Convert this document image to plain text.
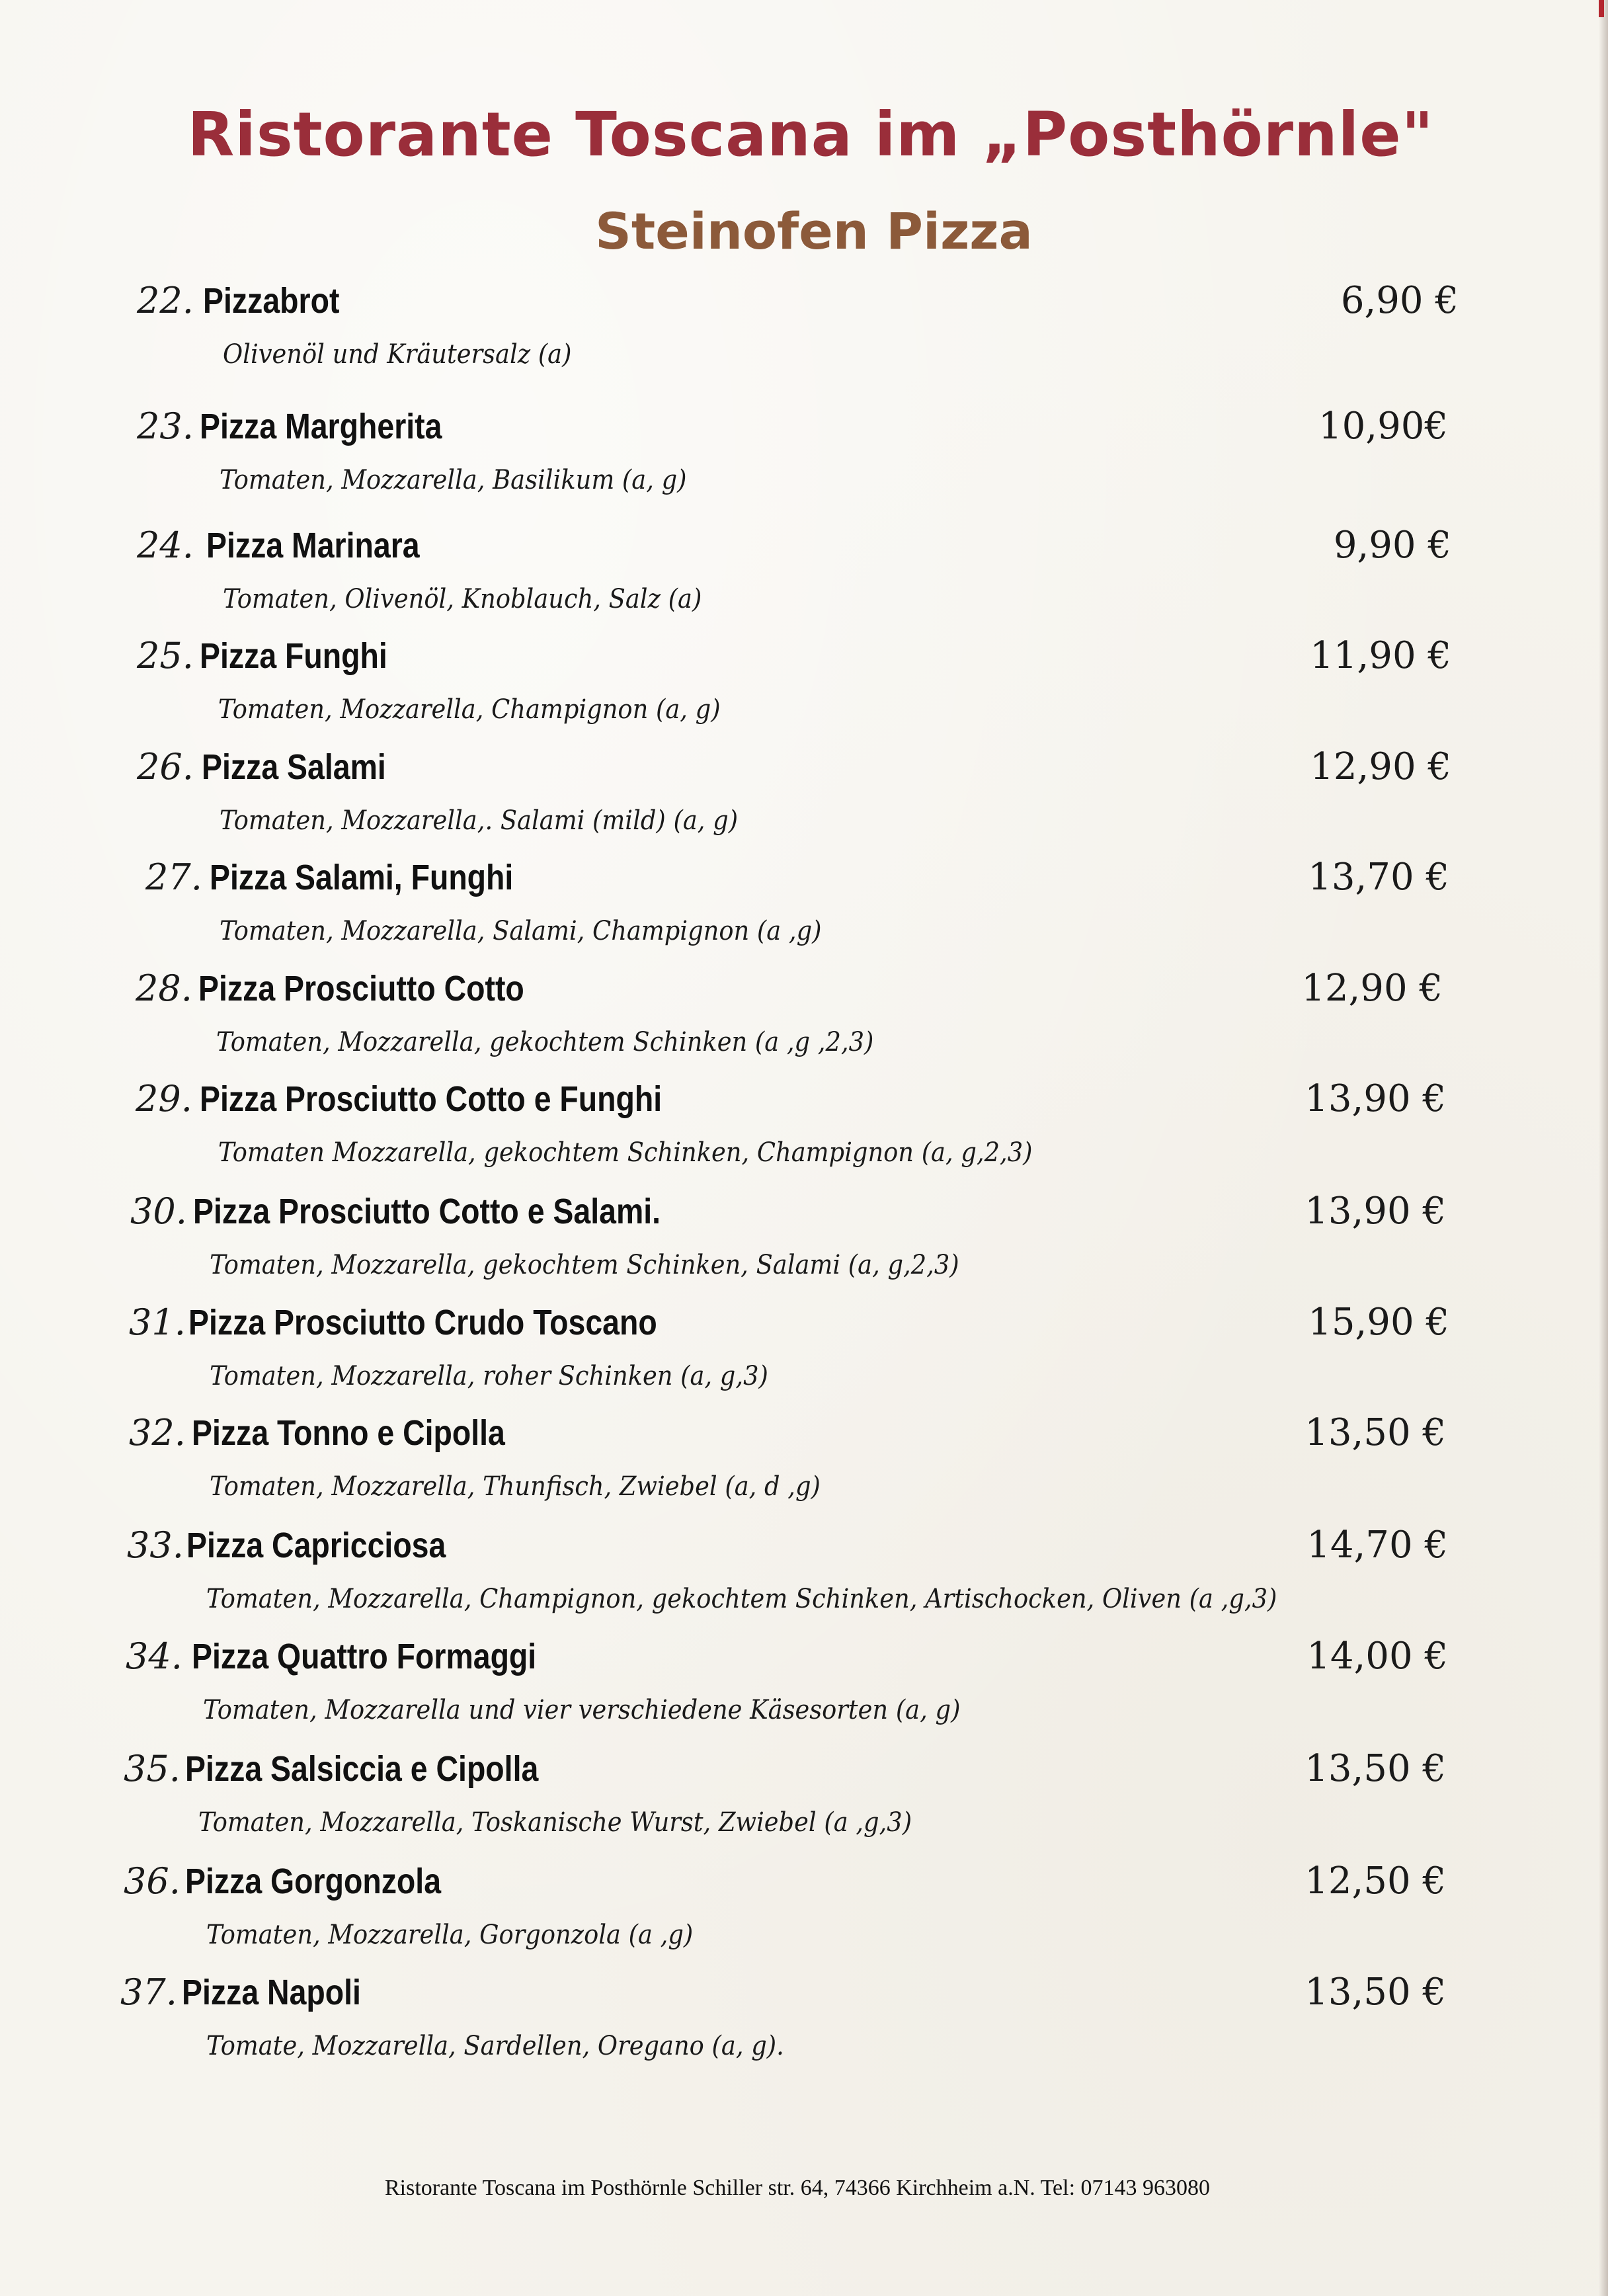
Ristorante Toscana im „Posthörnle"
Steinofen Pizza
22. Pizzabrot
Olivenöl und Kräutersalz (a)
6,90 €
23. Pizza Margherita
Tomaten, Mozzarella, Basilikum (a, g)
10,90€
24. Pizza Marinara
Tomaten, Olivenöl, Knoblauch, Salz (a)
9,90 €
25. Pizza Funghi
Tomaten, Mozzarella, Champignon (a, g)
11,90 €
26. Pizza Salami
Tomaten, Mozzarella,. Salami (mild) (a, g)
12,90 €
27. Pizza Salami, Funghi
Tomaten, Mozzarella, Salami, Champignon (a ,g)
13,70 €
28. Pizza Prosciutto Cotto
Tomaten, Mozzarella, gekochtem Schinken (a ,g ,2,3)
12,90 €
29. Pizza Prosciutto Cotto e Funghi
Tomaten Mozzarella, gekochtem Schinken, Champignon (a, g,2,3)
13,90 €
30. Pizza Prosciutto Cotto e Salami.
Tomaten, Mozzarella, gekochtem Schinken, Salami (a, g,2,3)
13,90 €
31. Pizza Prosciutto Crudo Toscano
Tomaten, Mozzarella, roher Schinken (a, g,3)
15,90 €
32. Pizza Tonno e Cipolla
Tomaten, Mozzarella, Thunfisch, Zwiebel (a, d ,g)
13,50 €
33. Pizza Capricciosa
Tomaten, Mozzarella, Champignon, gekochtem Schinken, Artischocken, Oliven (a ,g,3)
14,70 €
34. Pizza Quattro Formaggi
Tomaten, Mozzarella und vier verschiedene Käsesorten (a, g)
14,00 €
35. Pizza Salsiccia e Cipolla
Tomaten, Mozzarella, Toskanische Wurst, Zwiebel (a ,g,3)
13,50 €
36. Pizza Gorgonzola
Tomaten, Mozzarella, Gorgonzola (a ,g)
12,50 €
37. Pizza Napoli
Tomate, Mozzarella, Sardellen, Oregano (a, g).
13,50 €
Ristorante Toscana im Posthörnle Schiller str. 64, 74366 Kirchheim a.N. Tel: 07143 963080
